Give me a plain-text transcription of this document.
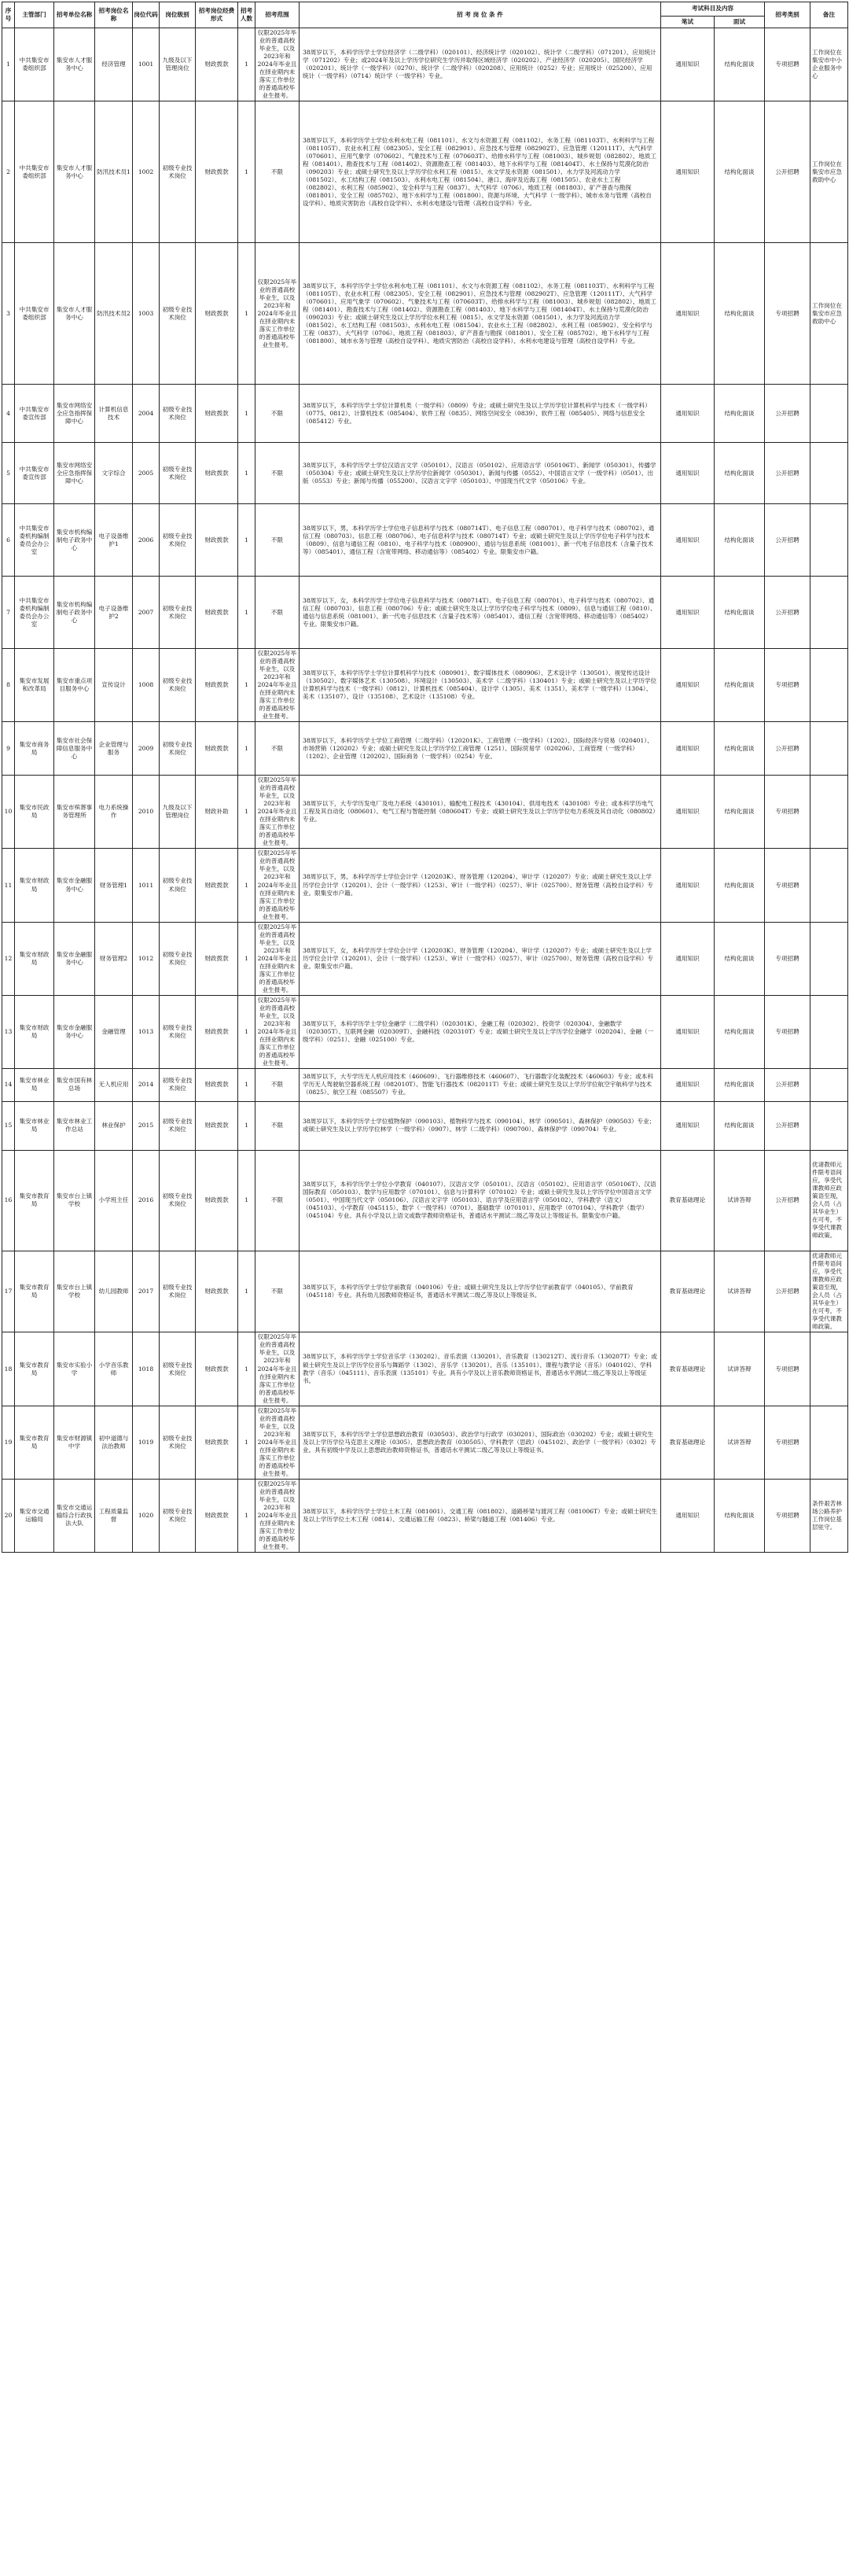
序号	主管部门	招考单位名称	招考岗位名称	岗位代码	岗位级别	招考岗位经费形式	招考人数	招考范围	招 考 岗 位 条 件	考试科目及内容		招考类别	备注
										笔试	面试		
1	中共集安市委组织部	集安市人才服务中心	经济管理	1001	九级及以下管理岗位	财政拨款	1	仅限2025年毕业的普通高校毕业生，以及2023年和2024年毕业且在择业期内未落实工作单位的普通高校毕业生报考。	38周岁以下，本科学历学士学位经济学（二级学科）（020101）、经济统计学（020102）、统计学（二级学科）（071201）、应用统计学（071202）专业；或2024年及以上学历学位研究生学历并取得区域经济学（020202）、产业经济学（020205）、国民经济学（020201）、统计学（一级学科）（0270）、统计学（二级学科）（020208）、应用统计（0252）专业；应用统计（025200）、应用统计（一级学科）（0714）统计学（一级学科）专业。	通用知识	结构化面谈	专项招聘	工作岗位在集安市中小企业服务中心
2	中共集安市委组织部	集安市人才服务中心	防汛技术员1	1002	初级专业技术岗位	财政拨款	1	不限	38周岁以下，本科学历学士学位水利水电工程（081101）、水文与水资源工程（081102）、水务工程（081103T）、水利科学与工程（081105T）、农业水利工程（082305）、安全工程（082901）、应急技术与管理（082902T）、应急管理（120111T）、大气科学（070601）、应用气象学（070602）、气象技术与工程（070603T）、给排水科学与工程（081003）、城乡规划（082802）、地质工程（081401）、勘查技术与工程（081402）、资源勘查工程（081403）、地下水科学与工程（081404T）、水土保持与荒漠化防治（090203）专业；或硕士研究生及以上学历学位水利工程（0815）、水文学及水资源（081501）、水力学及河流动力学（081502）、水工结构工程（081503）、水利水电工程（081504）、港口、海岸及近海工程（081505）、农业水土工程（082802）、水利工程（085902）、安全科学与工程（0837）、大气科学（0706）、地质工程（081803）、矿产普查与勘探（081801）、安全工程（085702）、地下水科学与工程（081800）、资源与环境、大气科学（一级学科）、城市水务与管理（高校自设学科）、地质灾害防治（高校自设学科）、水利水电建设与管理（高校自设学科）专业。	通用知识	结构化面谈	公开招聘	工作岗位在集安市应急救助中心
3	中共集安市委组织部	集安市人才服务中心	防汛技术员2	1003	初级专业技术岗位	财政拨款	1	仅限2025年毕业的普通高校毕业生，以及2023年和2024年毕业且在择业期内未落实工作单位的普通高校毕业生报考。	38周岁以下，本科学历学士学位水利水电工程（081101）、水文与水资源工程（081102）、水务工程（081103T）、水利科学与工程（081105T）、农业水利工程（082305）、安全工程（082901）、应急技术与管理（082902T）、应急管理（120111T）、大气科学（070601）、应用气象学（070602）、气象技术与工程（070603T）、给排水科学与工程（081003）、城乡规划（082802）、地质工程（081401）、勘查技术与工程（081402）、资源勘查工程（081403）、地下水科学与工程（081404T）、水土保持与荒漠化防治（090203）专业；或硕士研究生及以上学历学位水利工程（0815）、水文学及水资源（081501）、水力学及河流动力学（081502）、水工结构工程（081503）、水利水电工程（081504）、农业水土工程（082802）、水利工程（085902）、安全科学与工程（0837）、大气科学（0706）、地质工程（081803）、矿产普查与勘探（081801）、安全工程（085702）、地下水科学与工程（081800）、城市水务与管理（高校自设学科）、地质灾害防治（高校自设学科）、水利水电建设与管理（高校自设学科）专业。	通用知识	结构化面谈	专项招聘	工作岗位在集安市应急救助中心
4	中共集安市委宣传部	集安市网络安全应急指挥保障中心	计算机信息技术	2004	初级专业技术岗位	财政拨款	1	不限	38周岁以下，本科学历学士学位计算机类（一级学科）（0809）专业；或硕士研究生及以上学历学位计算机科学与技术（一级学科）（0775、0812）、计算机技术（085404）、软件工程（0835）、网络空间安全（0839）、软件工程（085405）、网络与信息安全（085412）专业。	通用知识	结构化面谈	公开招聘	
5	中共集安市委宣传部	集安市网络安全应急指挥保障中心	文字综合	2005	初级专业技术岗位	财政拨款	1	不限	38周岁以下，本科学历学士学位汉语言文学（050101）、汉语言（050102）、应用语言学（050106T）、新闻学（050301）、传播学（050304）专业；或硕士研究生及以上学历学位新闻学（050301）、新闻与传播（0552）、中国语言文学（一级学科）（0501）、出版（0553）专业；新闻与传播（055200）、汉语言文字学（050103）、中国现当代文学（050106）专业。	通用知识	结构化面谈	公开招聘	
6	中共集安市委机构编制委员会办公室	集安市机构编制电子政务中心	电子设备维护1	2006	初级专业技术岗位	财政拨款	1	不限	38周岁以下，男，本科学历学士学位电子信息科学与技术（080714T）、电子信息工程（080701）、电子科学与技术（080702）、通信工程（080703）、信息工程（080706）、电子信息科学与技术（080714T）专业；或硕士研究生及以上学历学位电子科学与技术（0809）、信息与通信工程（0810）、电子科学与技术（080900）、通信与信息系统（081001）、新一代电子信息技术（含量子技术等）（085401）、通信工程（含宽带网络、移动通信等）（085402）专业。限集安市户籍。	通用知识	结构化面谈	公开招聘	
7	中共集安市委机构编制委员会办公室	集安市机构编制电子政务中心	电子设备维护2	2007	初级专业技术岗位	财政拨款	1	不限	38周岁以下，女，本科学历学士学位电子信息科学与技术（080714T）、电子信息工程（080701）、电子科学与技术（080702）、通信工程（080703）、信息工程（080706）专业；或硕士研究生及以上学历学位电子科学与技术（0809）、信息与通信工程（0810）、通信与信息系统（081001）、新一代电子信息技术（含量子技术等）（085401）、通信工程（含宽带网络、移动通信等）（085402）专业。限集安市户籍。	通用知识	结构化面谈	公开招聘	
8	集安市发展和改革局	集安市重点项目服务中心	宣传设计	1008	初级专业技术岗位	财政拨款	1	仅限2025年毕业的普通高校毕业生，以及2023年和2024年毕业且在择业期内未落实工作单位的普通高校毕业生报考。	38周岁以下，本科学历学士学位计算机科学与技术（080901）、数字媒体技术（080906）、艺术设计学（130501）、视觉传达设计（130502）、数字媒体艺术（130508）、环境设计（130503）、美术学（二级学科）（130401）专业；或硕士研究生及以上学历学位计算机科学与技术（一级学科）（0812）、计算机技术（085404）、设计学（1305）、美术（1351）、美术学（一级学科）（1304）、美术（135107）、设计（135108）、艺术设计（135108）专业。	通用知识	结构化面谈	专项招聘	
9	集安市商务局	集安市社会保障信息服务中心	企业管理与服务	2009	初级专业技术岗位	财政拨款	1	不限	38周岁以下，本科学历学士学位工商管理（二级学科）（120201K）、工商管理（一级学科）（1202）、国际经济与贸易（020401）、市场营销（120202）专业；或硕士研究生及以上学历学位工商管理（1251）、国际贸易学（020206）、工商管理（一级学科）（1202）、企业管理（120202）、国际商务（一级学科）（0254）专业。	通用知识	结构化面谈	公开招聘	
10	集安市民政局	集安市殡葬事务管理所	电力系统操作	2010	九级及以下管理岗位	财政补助	1	仅限2025年毕业的普通高校毕业生，以及2023年和2024年毕业且在择业期内未落实工作单位的普通高校毕业生报考。	38周岁以下，大专学历发电厂及电力系统（430101）、输配电工程技术（430104）、供用电技术（430108）专业；或本科学历电气工程及其自动化（080601）、电气工程与智能控制（080604T）专业；或硕士研究生及以上学历学位电力系统及其自动化（080802）专业。	通用知识	结构化面谈	专项招聘	
11	集安市财政局	集安市金融服务中心	财务管理1	1011	初级专业技术岗位	财政拨款	1	仅限2025年毕业的普通高校毕业生，以及2023年和2024年毕业且在择业期内未落实工作单位的普通高校毕业生报考。	38周岁以下，男，本科学历学士学位会计学（120203K）、财务管理（120204）、审计学（120207）专业；或硕士研究生及以上学历学位会计学（120201）、会计（一级学科）（1253）、审计（一级学科）（0257）、审计（025700）、财务管理（高校自设学科）专业。限集安市户籍。	通用知识	结构化面谈	专项招聘	
12	集安市财政局	集安市金融服务中心	财务管理2	1012	初级专业技术岗位	财政拨款	1	仅限2025年毕业的普通高校毕业生，以及2023年和2024年毕业且在择业期内未落实工作单位的普通高校毕业生报考。	38周岁以下，女，本科学历学士学位会计学（120203K）、财务管理（120204）、审计学（120207）专业；或硕士研究生及以上学历学位会计学（120201）、会计（一级学科）（1253）、审计（一级学科）（0257）、审计（025700）、财务管理（高校自设学科）专业。限集安市户籍。	通用知识	结构化面谈	专项招聘	
13	集安市财政局	集安市金融服务中心	金融管理	1013	初级专业技术岗位	财政拨款	1	仅限2025年毕业的普通高校毕业生，以及2023年和2024年毕业且在择业期内未落实工作单位的普通高校毕业生报考。	38周岁以下，本科学历学士学位金融学（二级学科）（020301K）、金融工程（020302）、投资学（020304）、金融数学（020305T）、互联网金融（020309T）、金融科技（020310T）专业；或硕士研究生及以上学历学位金融学（020204）、金融（一级学科）（0251）、金融（025100）专业。	通用知识	结构化面谈	专项招聘	
14	集安市林业局	集安市国有林总场	无人机应用	2014	初级专业技术岗位	财政拨款	1	不限	38周岁以下，大专学历无人机应用技术（460609）、飞行器维修技术（460607）、飞行器数字化装配技术（460603）专业；或本科学历无人驾驶航空器系统工程（082010T）、智能飞行器技术（082011T）专业；或硕士研究生及以上学历学位航空宇航科学与技术（0825）、航空工程（085507）专业。	通用知识	结构化面谈	公开招聘	
15	集安市林业局	集安市林业工作总站	林业保护	2015	初级专业技术岗位	财政拨款	1	不限	38周岁以下，本科学历学士学位植物保护（090103）、植物科学与技术（090104）、林学（090501）、森林保护（090503）专业；或硕士研究生及以上学历学位林学（一级学科）（0907）、林学（二级学科）（090700）、森林保护学（090704）专业。	通用知识	结构化面谈	公开招聘	
16	集安市教育局	集安市台上镇学校	小学班主任	2016	初级专业技术岗位	财政拨款	1	不限	38周岁以下，本科学历学士学位小学教育（040107）、汉语言文学（050101）、汉语言（050102）、应用语言学（050106T）、汉语国际教育（050103）、数学与应用数学（070101）、信息与计算科学（070102）专业；或硕士研究生及以上学历学位中国语言文学（0501）、中国现当代文学（050106）、汉语言文字学（050103）、语言学及应用语言学（050102）、学科教学（语文）（045103）、小学教育（045115）、数学（一级学科）（0701）、基础数学（070101）、应用数学（070104）、学科教学（数学）（045104）专业。具有小学及以上语文或数学教师资格证书，普通话水平测试二级乙等及以上等级证书。限集安市户籍。	教育基础理论	试讲答辩	公开招聘	优诸教师元件限考语间应，享受代课教师应政策语至现，会人员（占其华业生）在可考，不享受代课教师政策。
17	集安市教育局	集安市台上镇学校	幼儿园教师	2017	初级专业技术岗位	财政拨款	1	不限	38周岁以下，本科学历学士学位学前教育（040106）专业；或硕士研究生及以上学历学位学前教育学（040105）、学前教育（045118）专业。具有幼儿园教师资格证书，普通话水平测试二级乙等及以上等级证书。	教育基础理论	试讲答辩	公开招聘	优诸教师元件限考语间应，享受代课教师应政策语至现，会人员（占其华业生）在可考，不享受代课教师政策。
18	集安市教育局	集安市实验小学	小学音乐教师	1018	初级专业技术岗位	财政拨款	1	仅限2025年毕业的普通高校毕业生，以及2023年和2024年毕业且在择业期内未落实工作单位的普通高校毕业生报考。	38周岁以下，本科学历学士学位音乐学（130202）、音乐表演（130201）、音乐教育（130212T）、流行音乐（130207T）专业；或硕士研究生及以上学历学位音乐与舞蹈学（1302）、音乐学（130201）、音乐（135101）、课程与教学论（音乐）（040102）、学科教学（音乐）（045111）、音乐表演（135101）专业。具有小学及以上音乐教师资格证书，普通话水平测试二级乙等及以上等级证书。	教育基础理论	试讲答辩	专项招聘	
19	集安市教育局	集安市财源镇中学	初中道德与法治教师	1019	初级专业技术岗位	财政拨款	1	仅限2025年毕业的普通高校毕业生，以及2023年和2024年毕业且在择业期内未落实工作单位的普通高校毕业生报考。	38周岁以下，本科学历学士学位思想政治教育（030503）、政治学与行政学（030201）、国际政治（030202）专业；或硕士研究生及以上学历学位马克思主义理论（0305）、思想政治教育（030505）、学科教学（思政）（045102）、政治学（一级学科）（0302）专业。具有初级中学及以上思想政治教师资格证书，普通话水平测试二级乙等及以上等级证书。	教育基础理论	试讲答辩	专项招聘	
20	集安市交通运输局	集安市交通运输综合行政执法大队	工程质量监督	1020	初级专业技术岗位	财政拨款	1	仅限2025年毕业的普通高校毕业生，以及2023年和2024年毕业且在择业期内未落实工作单位的普通高校毕业生报考。	38周岁以下，本科学历学士学位土木工程（081001）、交通工程（081802）、道路桥梁与渡河工程（081006T）专业；或硕士研究生及以上学历学位土木工程（0814）、交通运输工程（0823）、桥梁与隧道工程（081406）专业。	通用知识	结构化面谈	专项招聘	条件艰苦林场公路养护工作岗位基层驻守。
